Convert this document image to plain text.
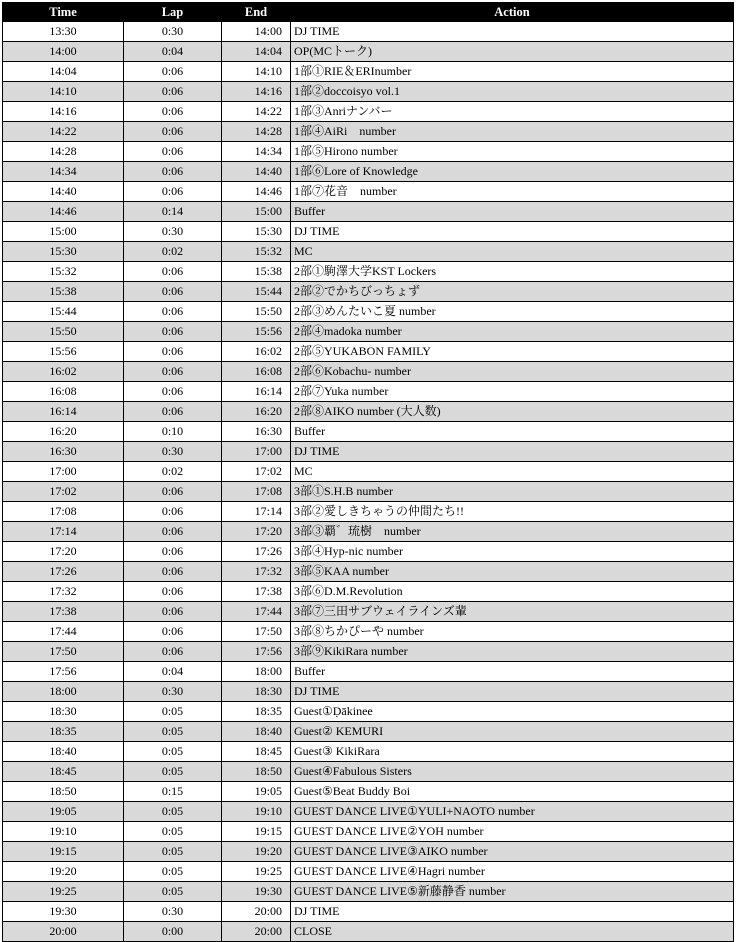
Time	Lap	End	Action
13:30	0:30	14:00	DJ TIME
14:00	0:04	14:04	OP(MCトーク)
14:04	0:06	14:10	1部①RIE＆ERInumber
14:10	0:06	14:16	1部②doccoisyo vol.1
14:16	0:06	14:22	1部③Anriナンバー
14:22	0:06	14:28	1部④AiRi　number
14:28	0:06	14:34	1部⑤Hirono number
14:34	0:06	14:40	1部⑥Lore of Knowledge
14:40	0:06	14:46	1部⑦花音　number
14:46	0:14	15:00	Buffer
15:00	0:30	15:30	DJ TIME
15:30	0:02	15:32	MC
15:32	0:06	15:38	2部①駒澤大学KST Lockers
15:38	0:06	15:44	2部②でかちびっちょず
15:44	0:06	15:50	2部③めんたいこ夏 number
15:50	0:06	15:56	2部④madoka number
15:56	0:06	16:02	2部⑤YUKABON FAMILY
16:02	0:06	16:08	2部⑥Kobachu- number
16:08	0:06	16:14	2部⑦Yuka number
16:14	0:06	16:20	2部⑧AIKO number (大人数)
16:20	0:10	16:30	Buffer
16:30	0:30	17:00	DJ TIME
17:00	0:02	17:02	MC
17:02	0:06	17:08	3部①S.H.B number
17:08	0:06	17:14	3部②愛しきちゃうの仲間たち!!
17:14	0:06	17:20	3部③覇゛琉樹　number
17:20	0:06	17:26	3部④Hyp-nic number
17:26	0:06	17:32	3部⑤KAA number
17:32	0:06	17:38	3部⑥D.M.Revolution
17:38	0:06	17:44	3部⑦三田サブウェイラインズ輩
17:44	0:06	17:50	3部⑧ちかぴーや number
17:50	0:06	17:56	3部⑨KikiRara number
17:56	0:04	18:00	Buffer
18:00	0:30	18:30	DJ TIME
18:30	0:05	18:35	Guest①Ḍākinee
18:35	0:05	18:40	Guest② KEMURI
18:40	0:05	18:45	Guest③ KikiRara
18:45	0:05	18:50	Guest④Fabulous Sisters
18:50	0:15	19:05	Guest⑤Beat Buddy Boi
19:05	0:05	19:10	GUEST DANCE LIVE①YULI+NAOTO number
19:10	0:05	19:15	GUEST DANCE LIVE②YOH number
19:15	0:05	19:20	GUEST DANCE LIVE③AIKO number
19:20	0:05	19:25	GUEST DANCE LIVE④Hagri number
19:25	0:05	19:30	GUEST DANCE LIVE⑤新藤静香 number
19:30	0:30	20:00	DJ TIME
20:00	0:00	20:00	CLOSE
